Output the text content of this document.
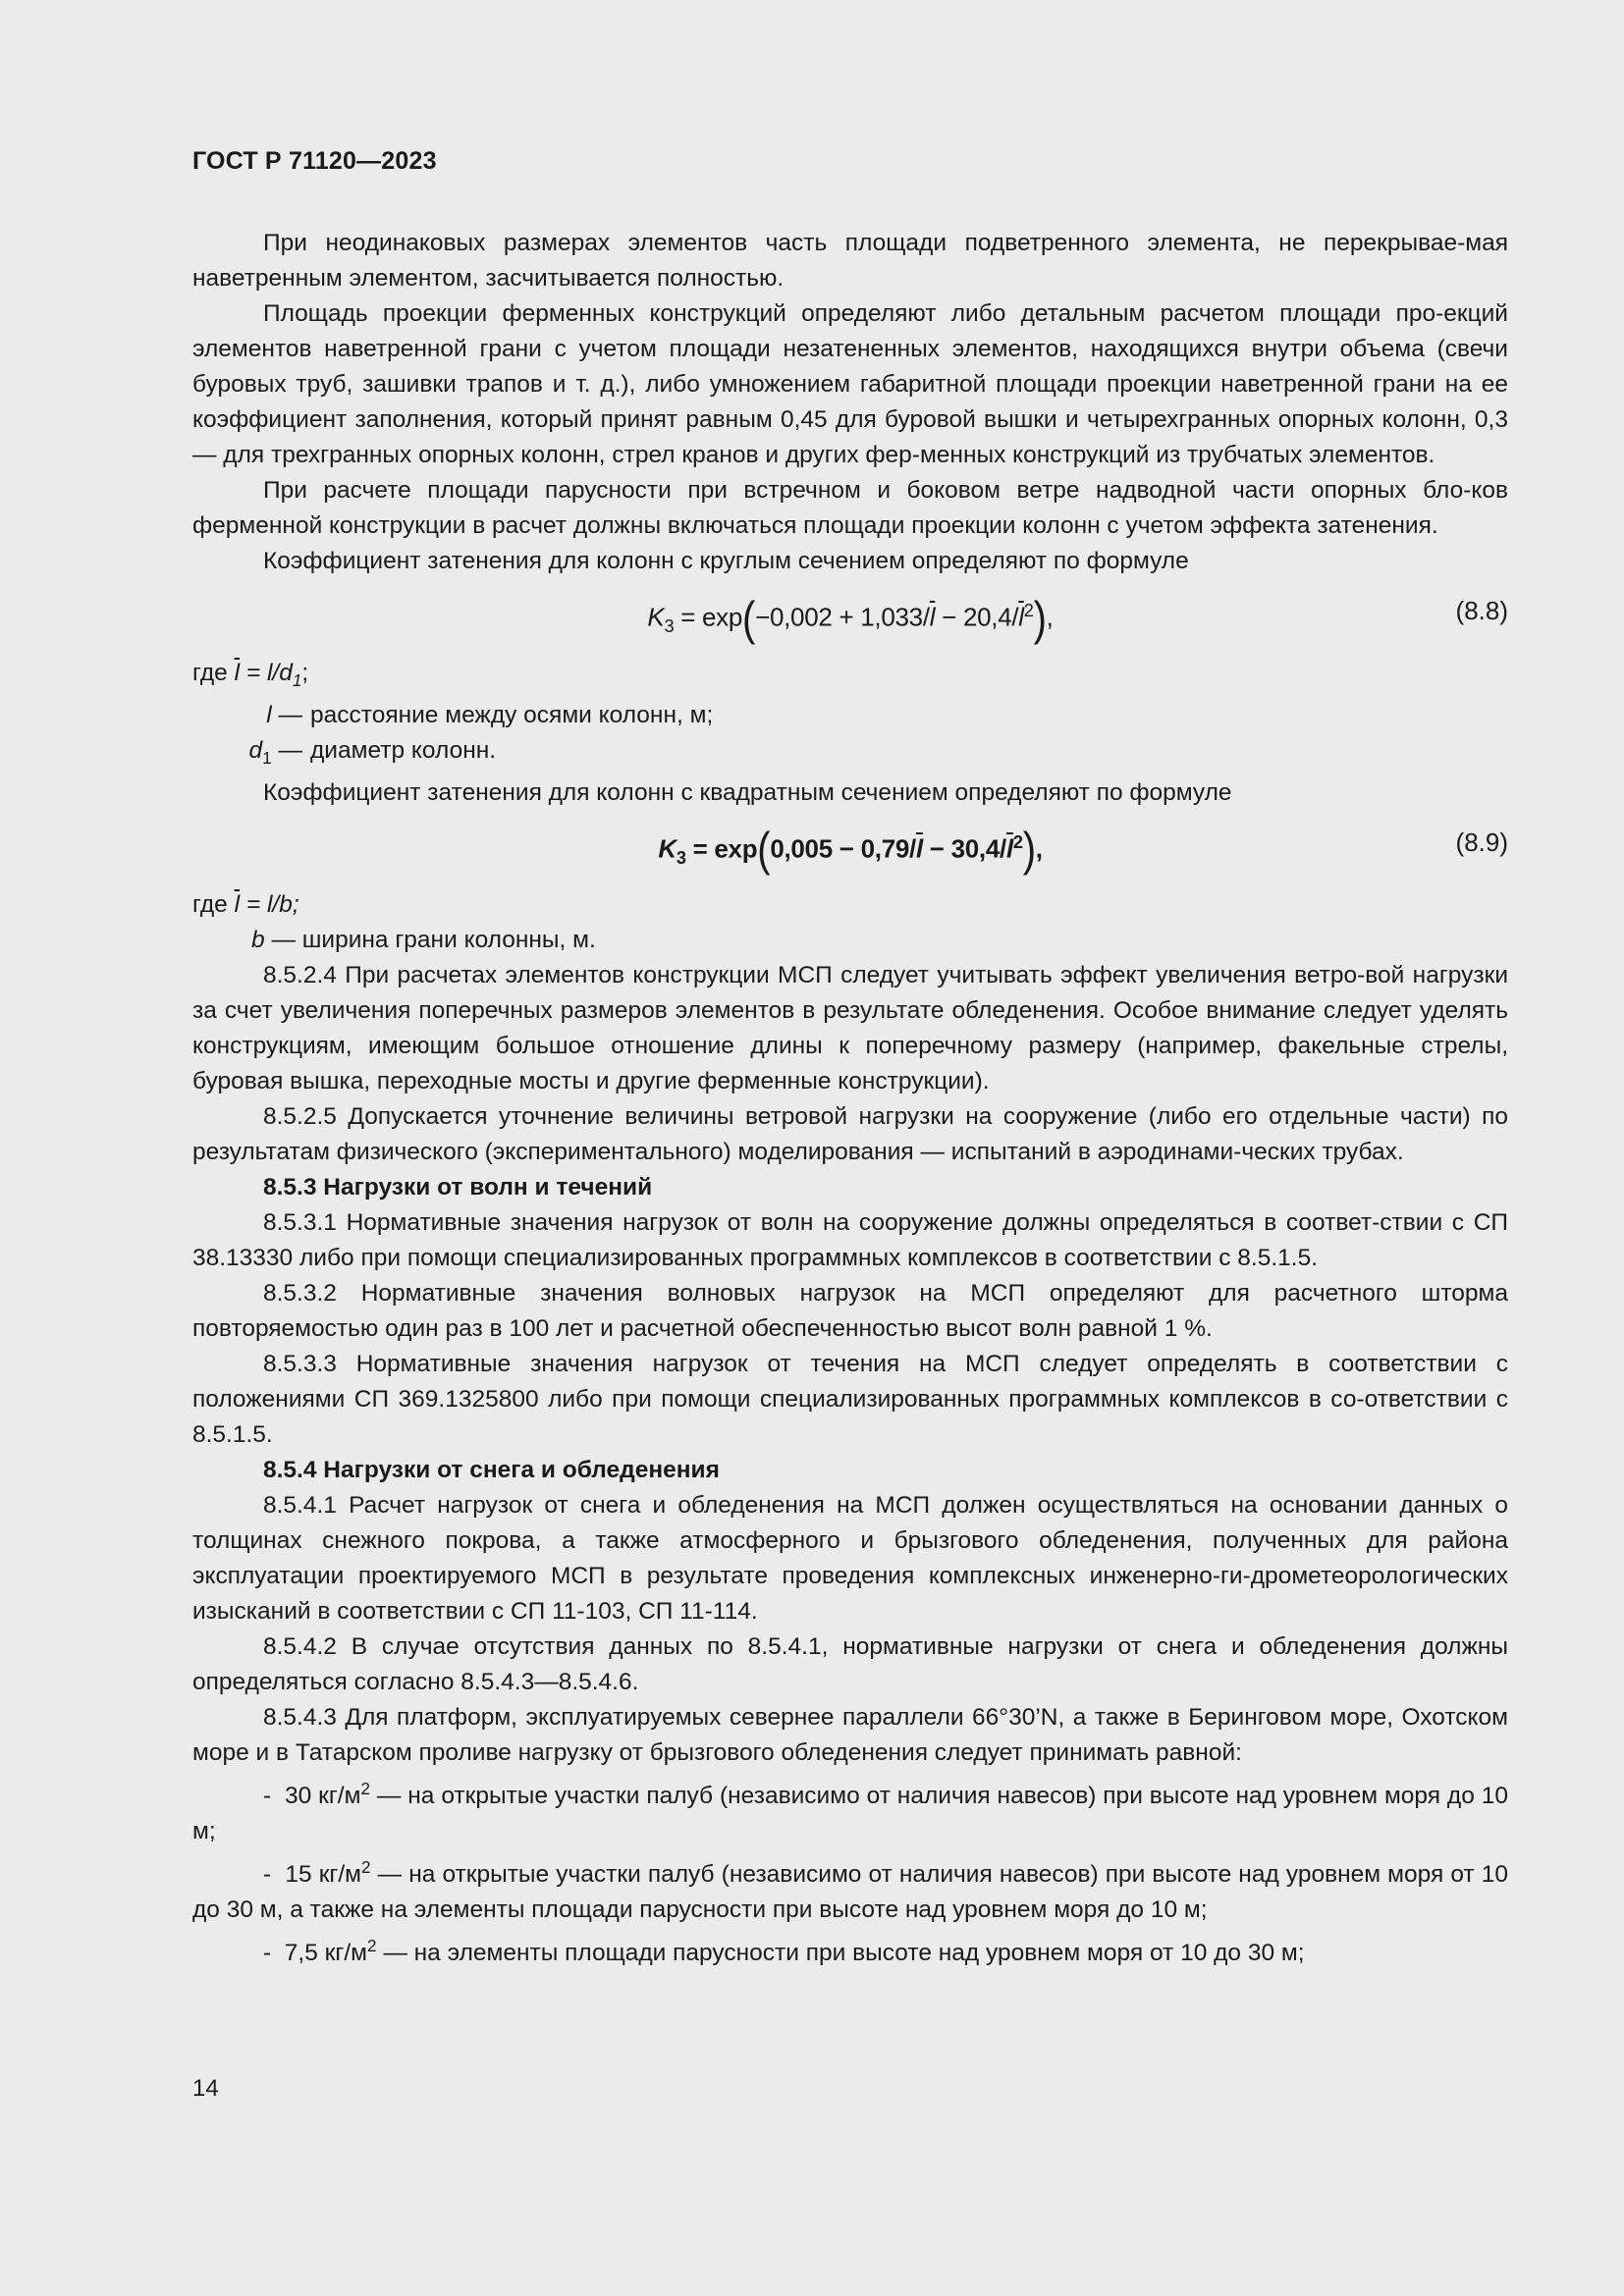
ГОСТ Р 71120—2023

При неодинаковых размерах элементов часть площади подветренного элемента, не перекрывае-мая наветренным элементом, засчитывается полностью.

Площадь проекции ферменных конструкций определяют либо детальным расчетом площади про-екций элементов наветренной грани с учетом площади незатененных элементов, находящихся внутри объема (свечи буровых труб, зашивки трапов и т. д.), либо умножением габаритной площади проекции наветренной грани на ее коэффициент заполнения, который принят равным 0,45 для буровой вышки и четырехгранных опорных колонн, 0,3 — для трехгранных опорных колонн, стрел кранов и других фер-менных конструкций из трубчатых элементов.

При расчете площади парусности при встречном и боковом ветре надводной части опорных бло-ков ферменной конструкции в расчет должны включаться площади проекции колонн с учетом эффекта затенения.

Коэффициент затенения для колонн с круглым сечением определяют по формуле

$K_3 = \exp(-0,002 + 1,033/\overline{l} - 20,4/\overline{l}^2)$,	(8.8)
где $\overline{l} = l/d_1$;
l — расстояние между осями колонн, м;
$d_1$ — диаметр колонн.

Коэффициент затенения для колонн с квадратным сечением определяют по формуле

$K_3 = \exp(0,005 - 0,79/\overline{l} - 30,4/\overline{l}^2)$,	(8.9)
где $\overline{l} = l/b$;
b — ширина грани колонны, м.

8.5.2.4 При расчетах элементов конструкции МСП следует учитывать эффект увеличения ветро-вой нагрузки за счет увеличения поперечных размеров элементов в результате обледенения. Особое внимание следует уделять конструкциям, имеющим большое отношение длины к поперечному размеру (например, факельные стрелы, буровая вышка, переходные мосты и другие ферменные конструкции).

8.5.2.5 Допускается уточнение величины ветровой нагрузки на сооружение (либо его отдельные части) по результатам физического (экспериментального) моделирования — испытаний в аэродинами-ческих трубах.

8.5.3 Нагрузки от волн и течений

8.5.3.1 Нормативные значения нагрузок от волн на сооружение должны определяться в соответ-ствии с СП 38.13330 либо при помощи специализированных программных комплексов в соответствии с 8.5.1.5.

8.5.3.2 Нормативные значения волновых нагрузок на МСП определяют для расчетного шторма повторяемостью один раз в 100 лет и расчетной обеспеченностью высот волн равной 1 %.

8.5.3.3 Нормативные значения нагрузок от течения на МСП следует определять в соответствии с положениями СП 369.1325800 либо при помощи специализированных программных комплексов в со-ответствии с 8.5.1.5.

8.5.4 Нагрузки от снега и обледенения

8.5.4.1 Расчет нагрузок от снега и обледенения на МСП должен осуществляться на основании данных о толщинах снежного покрова, а также атмосферного и брызгового обледенения, полученных для района эксплуатации проектируемого МСП в результате проведения комплексных инженерно-ги-дрометеорологических изысканий в соответствии с СП 11-103, СП 11-114.

8.5.4.2 В случае отсутствия данных по 8.5.4.1, нормативные нагрузки от снега и обледенения должны определяться согласно 8.5.4.3—8.5.4.6.

8.5.4.3 Для платформ, эксплуатируемых севернее параллели 66°30’N, а также в Беринговом море, Охотском море и в Татарском проливе нагрузку от брызгового обледенения следует принимать равной:

- 30 $кг/м^2$ — на открытые участки палуб (независимо от наличия навесов) при высоте над уровнем моря до 10 м;

- 15 $кг/м^2$ — на открытые участки палуб (независимо от наличия навесов) при высоте над уровнем моря от 10 до 30 м, а также на элементы площади парусности при высоте над уровнем моря до 10 м;

- 7,5 $кг/м^2$ — на элементы площади парусности при высоте над уровнем моря от 10 до 30 м;

14
